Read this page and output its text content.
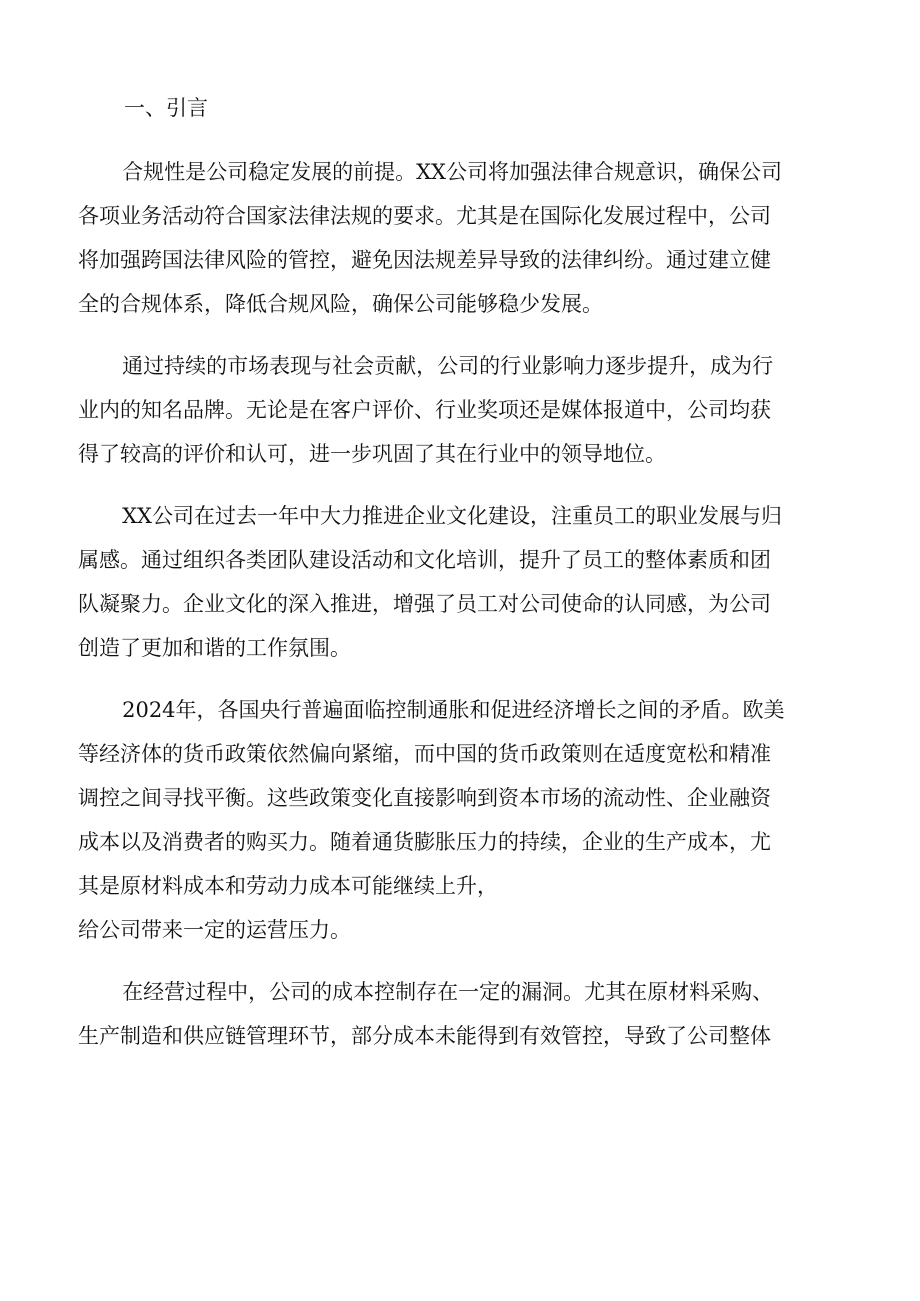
一、引言
合规性是公司稳定发展的前提。XX公司将加强法律合规意识，确保公司
各项业务活动符合国家法律法规的要求。尤其是在国际化发展过程中，公司
将加强跨国法律风险的管控，避免因法规差异导致的法律纠纷。通过建立健
全的合规体系，降低合规风险，确保公司能够稳少发展。
通过持续的市场表现与社会贡献，公司的行业影响力逐步提升，成为行
业内的知名品牌。无论是在客户评价、行业奖项还是媒体报道中，公司均获
得了较高的评价和认可，进一步巩固了其在行业中的领导地位。
XX公司在过去一年中大力推进企业文化建设，注重员工的职业发展与归
属感。通过组织各类团队建设活动和文化培训，提升了员工的整体素质和团
队凝聚力。企业文化的深入推进，增强了员工对公司使命的认同感，为公司
创造了更加和谐的工作氛围。
2024年，各国央行普遍面临控制通胀和促进经济增长之间的矛盾。欧美
等经济体的货币政策依然偏向紧缩，而中国的货币政策则在适度宽松和精准
调控之间寻找平衡。这些政策变化直接影响到资本市场的流动性、企业融资
成本以及消费者的购买力。随着通货膨胀压力的持续，企业的生产成本，尤
其是原材料成本和劳动力成本可能继续上升，
给公司带来一定的运营压力。
在经营过程中，公司的成本控制存在一定的漏洞。尤其在原材料采购、
生产制造和供应链管理环节，部分成本未能得到有效管控，导致了公司整体
